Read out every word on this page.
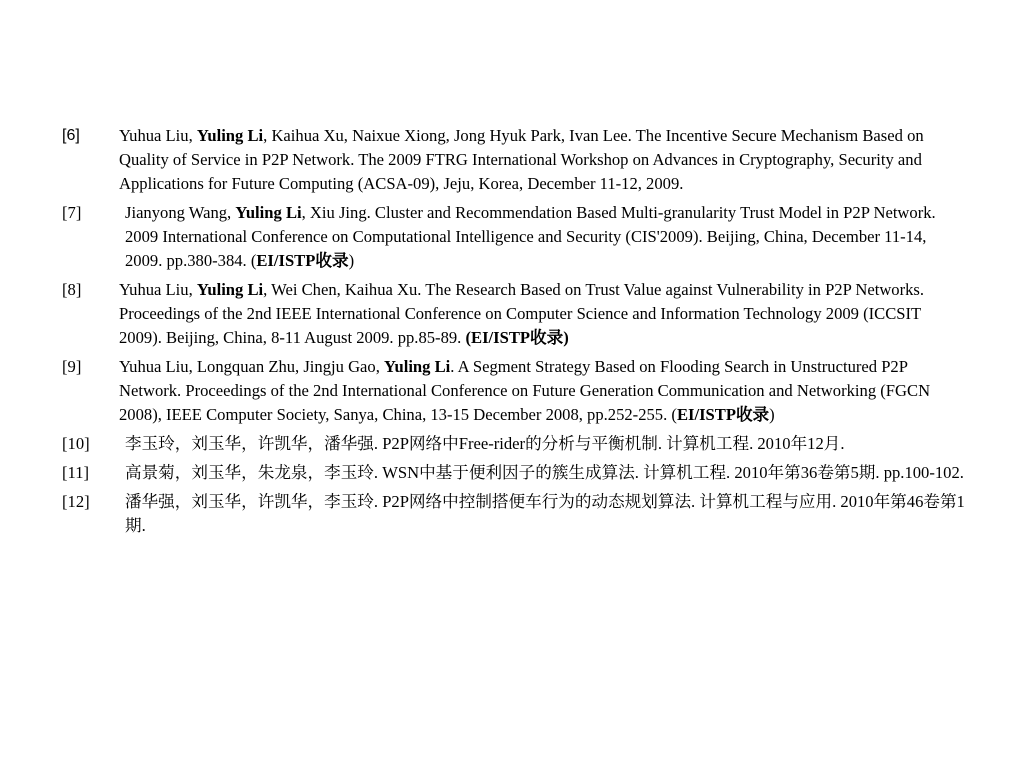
[6] Yuhua Liu, Yuling Li, Kaihua Xu, Naixue Xiong, Jong Hyuk Park, Ivan Lee. The Incentive Secure Mechanism Based on Quality of Service in P2P Network. The 2009 FTRG International Workshop on Advances in Cryptography, Security and Applications for Future Computing (ACSA-09), Jeju, Korea, December 11-12, 2009.
[7]	Jianyong Wang, Yuling Li, Xiu Jing. Cluster and Recommendation Based Multi-granularity Trust Model in P2P Network. 2009 International Conference on Computational Intelligence and Security (CIS'2009). Beijing, China, December 11-14, 2009. pp.380-384. (EI/ISTP收录)
[8] Yuhua Liu, Yuling Li, Wei Chen, Kaihua Xu. The Research Based on Trust Value against Vulnerability in P2P Networks. Proceedings of the 2nd IEEE International Conference on Computer Science and Information Technology 2009 (ICCSIT 2009). Beijing, China, 8-11 August 2009. pp.85-89. (EI/ISTP收录)
[9] Yuhua Liu, Longquan Zhu, Jingju Gao, Yuling Li. A Segment Strategy Based on Flooding Search in Unstructured P2P Network. Proceedings of the 2nd International Conference on Future Generation Communication and Networking (FGCN 2008), IEEE Computer Society, Sanya, China, 13-15 December 2008, pp.252-255. (EI/ISTP收录)
[10] 李玉玲，刘玉华，许凯华，潘华强. P2P网络中Free-rider的分析与平衡机制. 计算机工程. 2010年12月.
[11] 高景菊，刘玉华，朱龙泉，李玉玲. WSN中基于便利因子的簇生成算法. 计算机工程. 2010年第36卷第5期. pp.100-102.
[12] 潘华强，刘玉华，许凯华，李玉玲. P2P网络中控制搭便车行为的动态规划算法. 计算机工程与应用. 2010年第46卷第1期.
